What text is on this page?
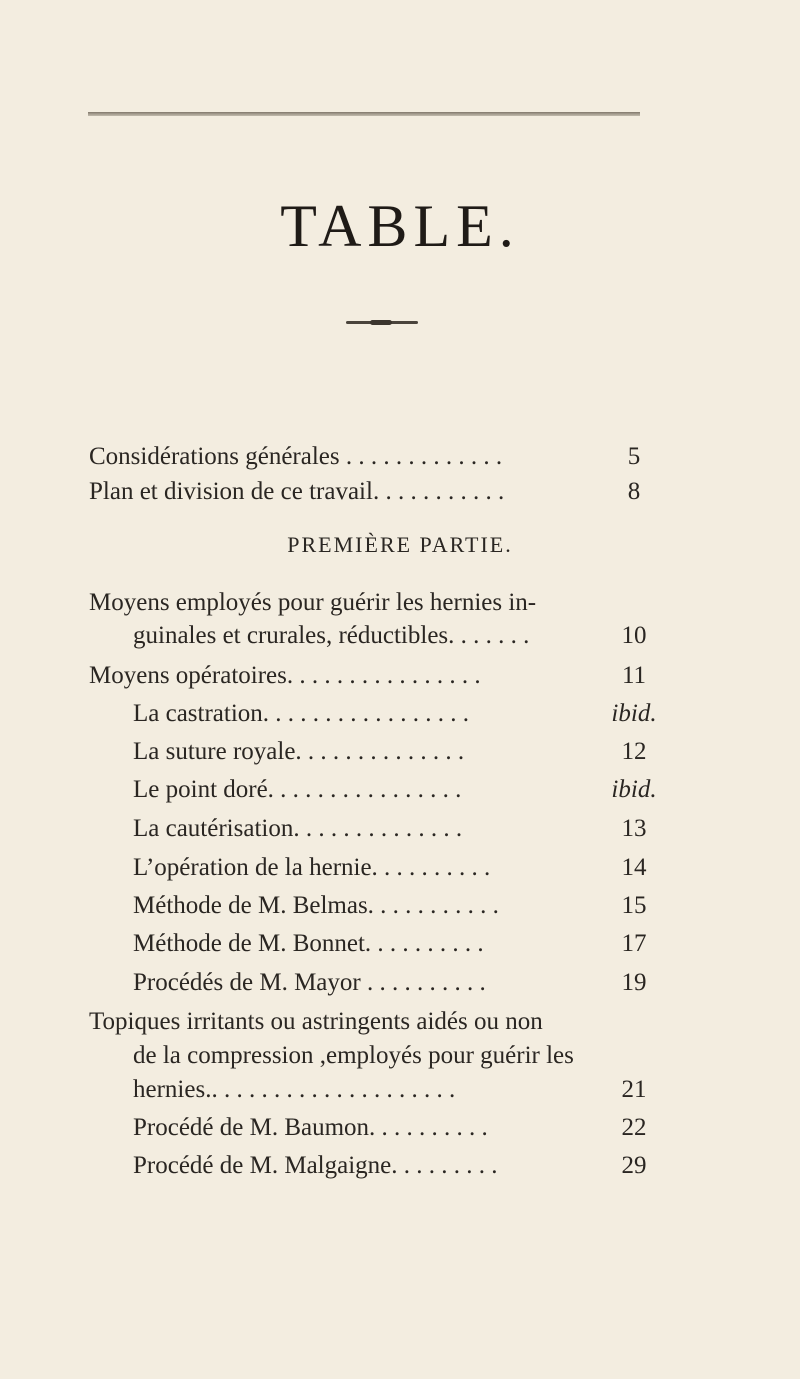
TABLE.
Considérations générales . . . . . . . . . . . . .	5
Plan et division de ce travail. . . . . . . . . . .	8
PREMIÈRE PARTIE.
Moyens employés pour guérir les hernies in-
guinales et crurales, réductibles. . . . . . .	10
Moyens opératoires. . . . . . . . . . . . . . . .	11
La castration. . . . . . . . . . . . . . . . .	ibid.
La suture royale. . . . . . . . . . . . . .	12
Le point doré. . . . . . . . . . . . . . . .	ibid.
La cautérisation. . . . . . . . . . . . . .	13
L’opération de la hernie. . . . . . . . . .	14
Méthode de M. Belmas. . . . . . . . . . .	15
Méthode de M. Bonnet. . . . . . . . . .	17
Procédés de M. Mayor . . . . . . . . . .	19
Topiques irritants ou astringents aidés ou non
de la compression ,employés pour guérir les
hernies.. . . . . . . . . . . . . . . . . . . .	21
Procédé de M. Baumon. . . . . . . . . .	22
Procédé de M. Malgaigne. . . . . . . . .	29
